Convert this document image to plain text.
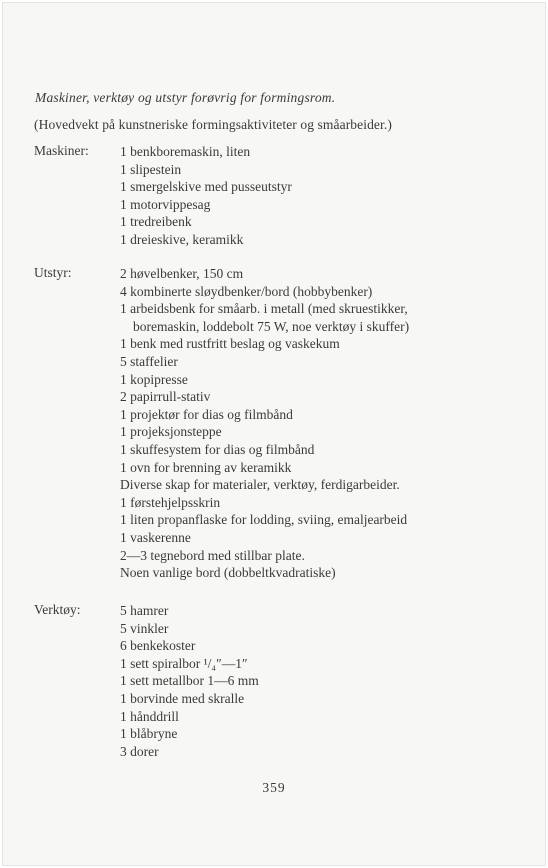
Maskiner, verktøy og utstyr forøvrig for formingsrom.
(Hovedvekt på kunstneriske formingsaktiviteter og småarbeider.)
Maskiner: 1 benkboremaskin, liten
1 slipestein
1 smergelskive med pusseutstyr
1 motorvippesag
1 tredreibenk
1 dreieskive, keramikk
Utstyr:	2 høvelbenker, 150 cm
4 kombinerte sløydbenker/bord (hobbybenker)
1 arbeidsbenk for småarb. i metall (med skruestikker,
boremaskin, loddebolt 75 W, noe verktøy i skuffer)
1 benk med rustfritt beslag og vaskekum
5 staffelier
1 kopipresse
2 papirrull-stativ
1 projektør for dias og filmbånd
1 projeksjonsteppe
1 skuffesystem for dias og filmbånd
1 ovn for brenning av keramikk
Diverse skap for materialer, verktøy, ferdigarbeider.
1 førstehjelpsskrin
1 liten propanflaske for lodding, sviing, emaljearbeid
1 vaskerenne
2—3 tegnebord med stillbar plate.
Noen vanlige bord (dobbeltkvadratiske)
Verktøy:	5 hamrer
5 vinkler
6 benkekoster
1 sett spiralbor ¹/₄″—1″
1 sett metallbor 1—6 mm
1 borvinde med skralle
1 hånddrill
1 blåbryne
3 dorer
359
